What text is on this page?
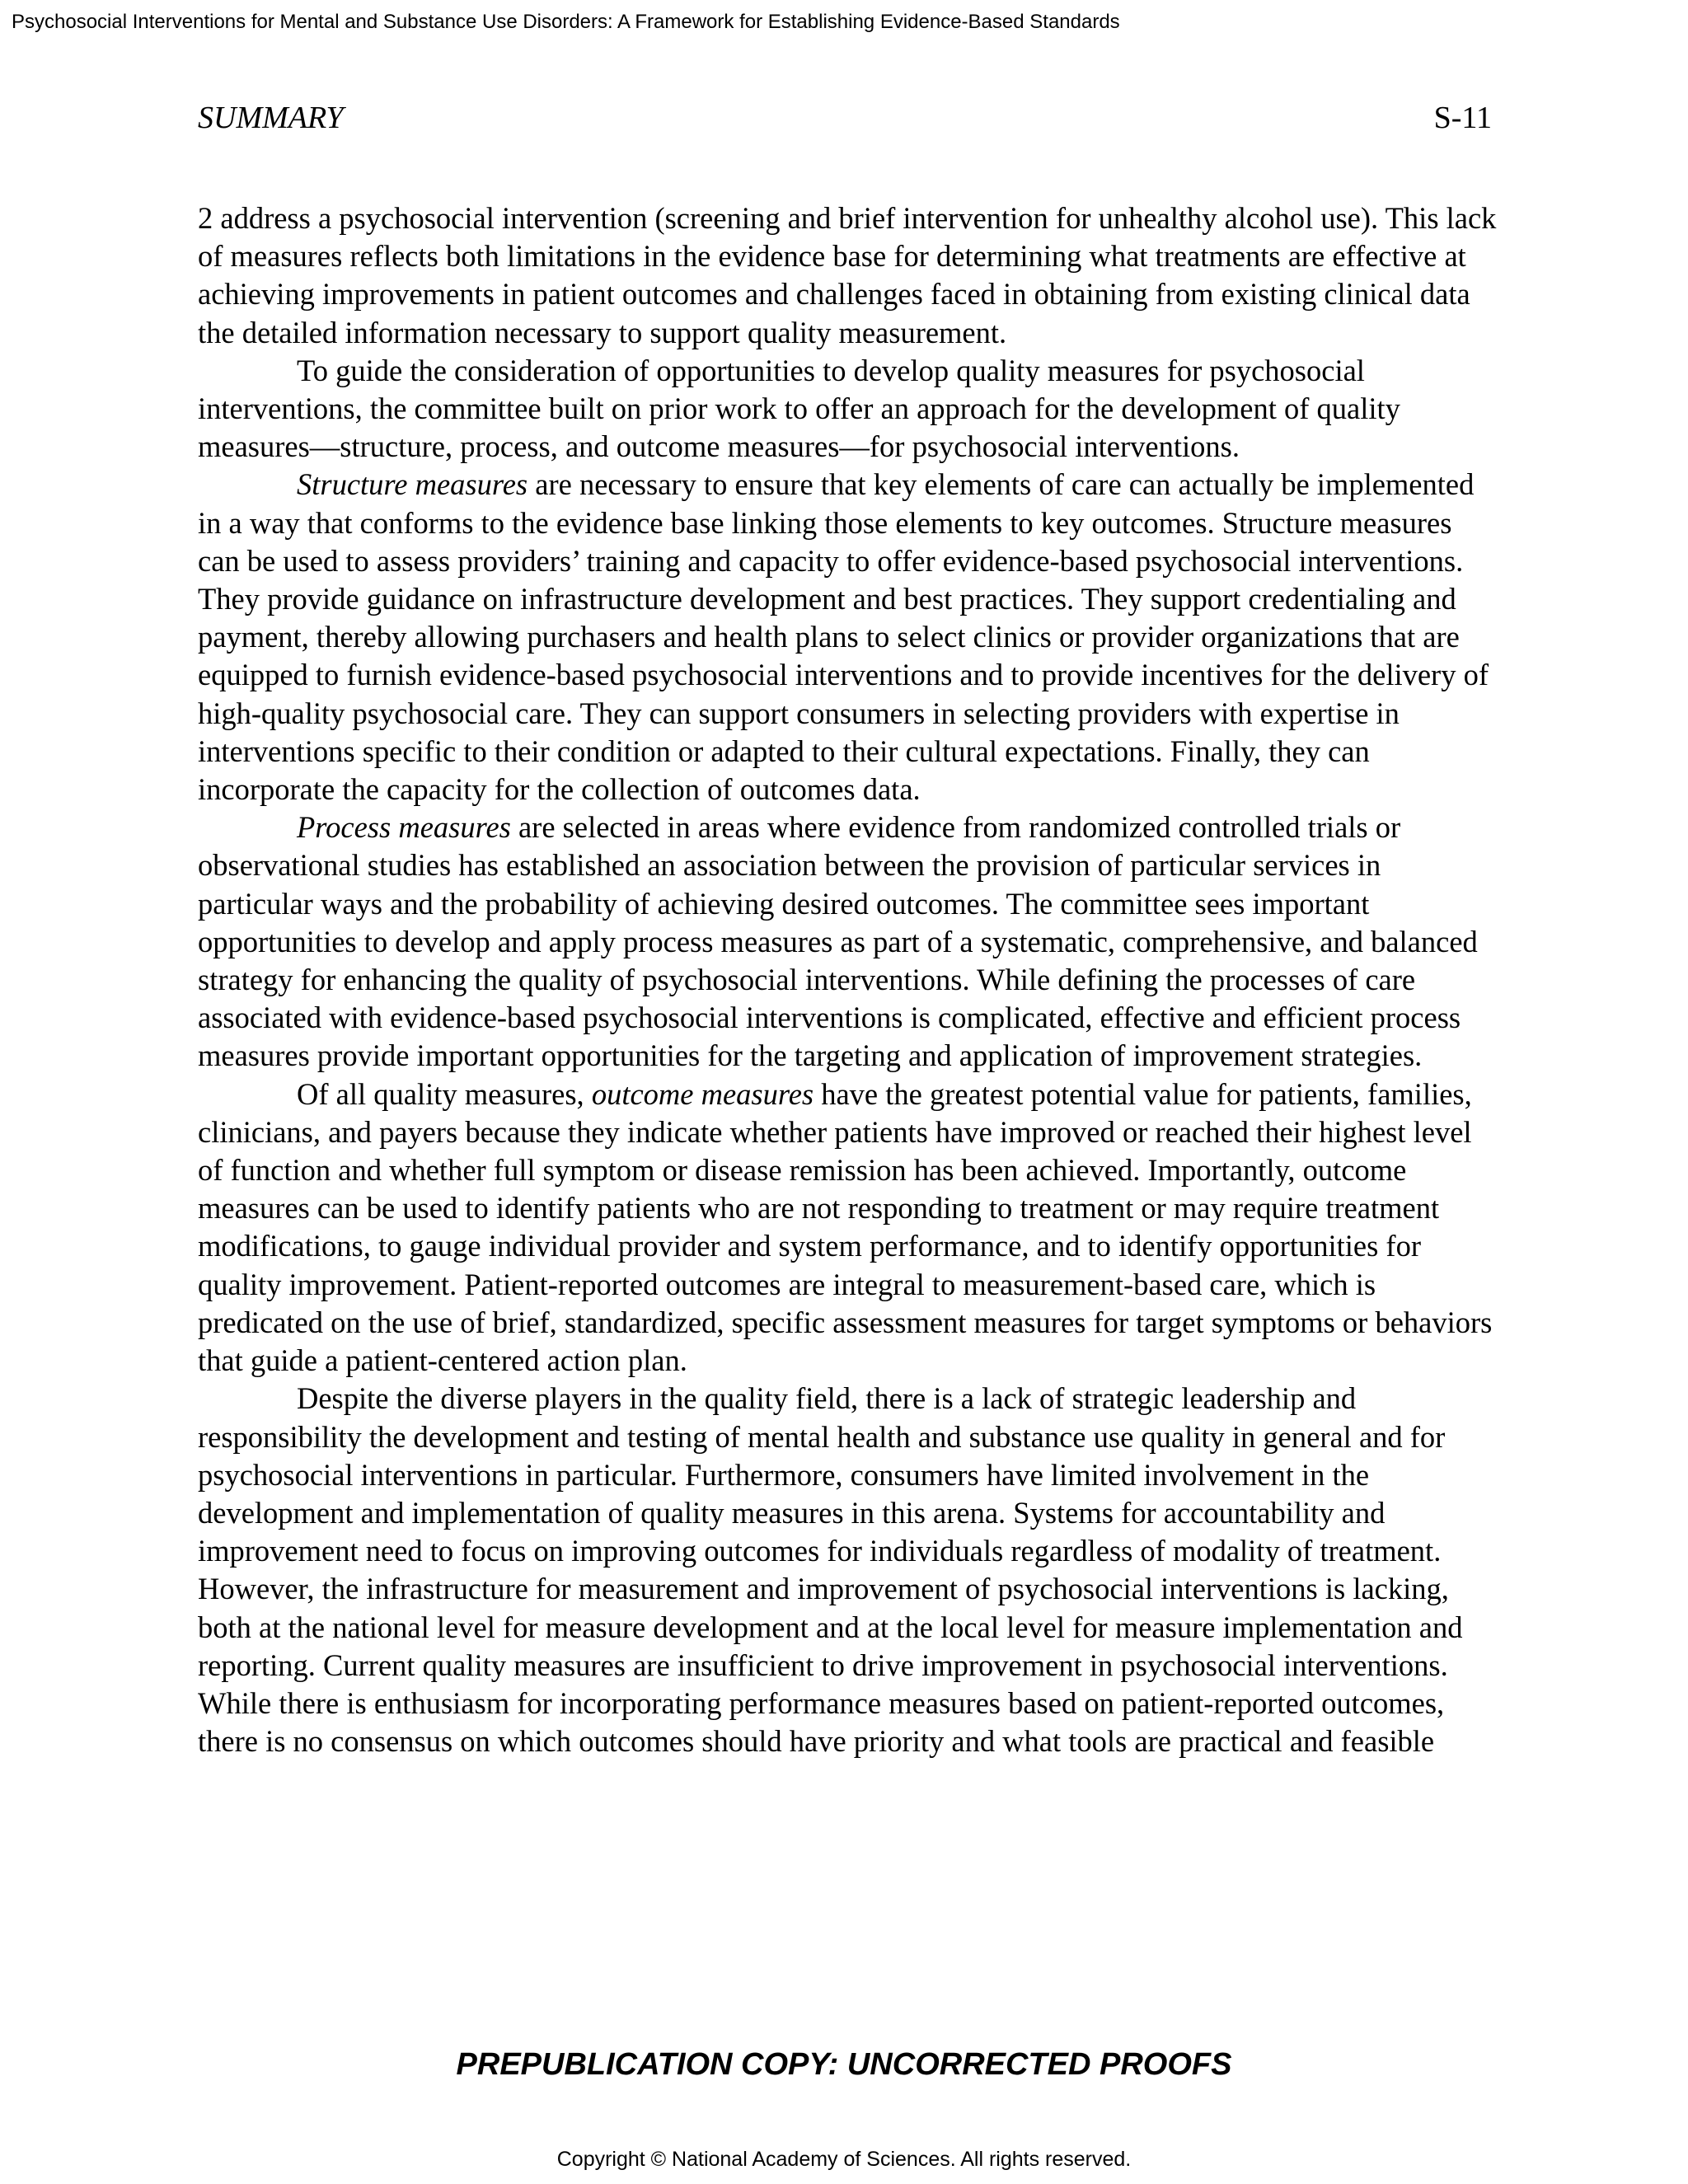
Psychosocial Interventions for Mental and Substance Use Disorders: A Framework for Establishing Evidence-Based Standards
SUMMARY	S-11

2 address a psychosocial intervention (screening and brief intervention for unhealthy alcohol use). This lack of measures reflects both limitations in the evidence base for determining what treatments are effective at achieving improvements in patient outcomes and challenges faced in obtaining from existing clinical data the detailed information necessary to support quality measurement.

To guide the consideration of opportunities to develop quality measures for psychosocial interventions, the committee built on prior work to offer an approach for the development of quality measures—structure, process, and outcome measures—for psychosocial interventions.

Structure measures are necessary to ensure that key elements of care can actually be implemented in a way that conforms to the evidence base linking those elements to key outcomes. Structure measures can be used to assess providers’ training and capacity to offer evidence-based psychosocial interventions. They provide guidance on infrastructure development and best practices. They support credentialing and payment, thereby allowing purchasers and health plans to select clinics or provider organizations that are equipped to furnish evidence-based psychosocial interventions and to provide incentives for the delivery of high-quality psychosocial care. They can support consumers in selecting providers with expertise in interventions specific to their condition or adapted to their cultural expectations. Finally, they can incorporate the capacity for the collection of outcomes data.

Process measures are selected in areas where evidence from randomized controlled trials or observational studies has established an association between the provision of particular services in particular ways and the probability of achieving desired outcomes. The committee sees important opportunities to develop and apply process measures as part of a systematic, comprehensive, and balanced strategy for enhancing the quality of psychosocial interventions. While defining the processes of care associated with evidence-based psychosocial interventions is complicated, effective and efficient process measures provide important opportunities for the targeting and application of improvement strategies.

Of all quality measures, outcome measures have the greatest potential value for patients, families, clinicians, and payers because they indicate whether patients have improved or reached their highest level of function and whether full symptom or disease remission has been achieved. Importantly, outcome measures can be used to identify patients who are not responding to treatment or may require treatment modifications, to gauge individual provider and system performance, and to identify opportunities for quality improvement. Patient-reported outcomes are integral to measurement-based care, which is predicated on the use of brief, standardized, specific assessment measures for target symptoms or behaviors that guide a patient-centered action plan.

Despite the diverse players in the quality field, there is a lack of strategic leadership and responsibility the development and testing of mental health and substance use quality in general and for psychosocial interventions in particular. Furthermore, consumers have limited involvement in the development and implementation of quality measures in this arena. Systems for accountability and improvement need to focus on improving outcomes for individuals regardless of modality of treatment. However, the infrastructure for measurement and improvement of psychosocial interventions is lacking, both at the national level for measure development and at the local level for measure implementation and reporting. Current quality measures are insufficient to drive improvement in psychosocial interventions. While there is enthusiasm for incorporating performance measures based on patient-reported outcomes, there is no consensus on which outcomes should have priority and what tools are practical and feasible

PREPUBLICATION COPY: UNCORRECTED PROOFS
Copyright © National Academy of Sciences. All rights reserved.
